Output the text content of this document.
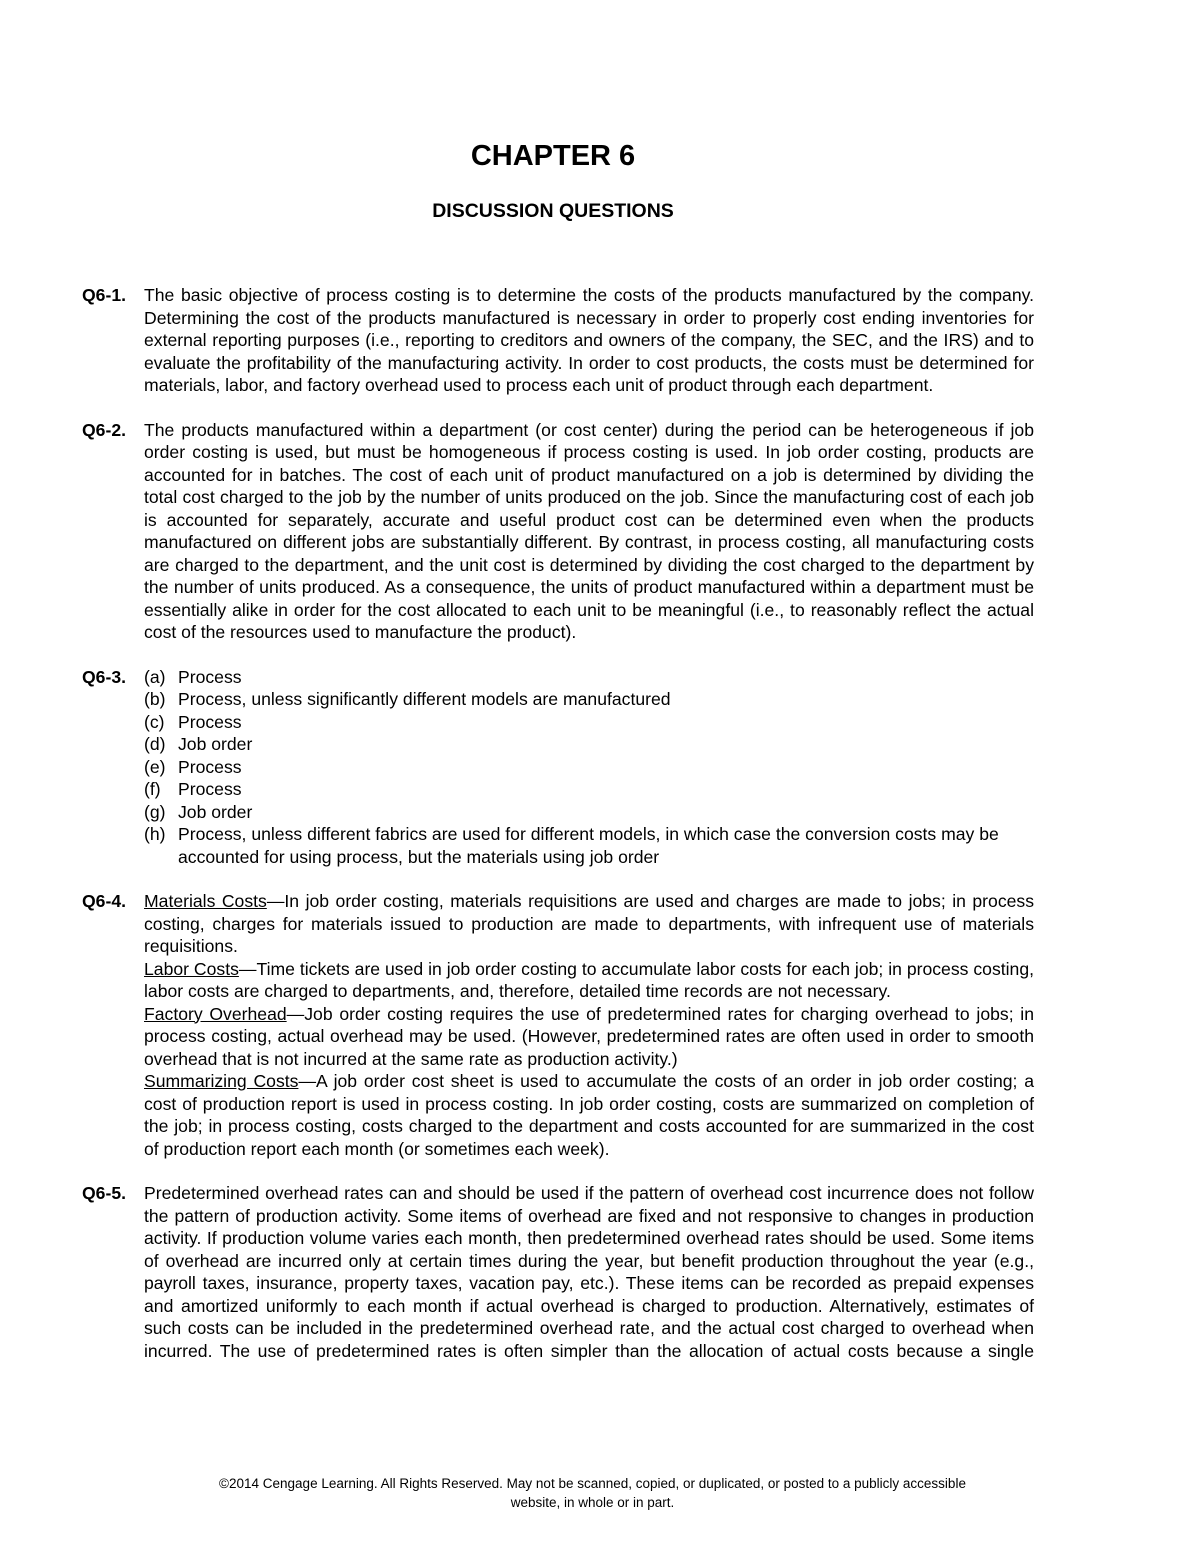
CHAPTER 6
DISCUSSION QUESTIONS
Q6-1. The basic objective of process costing is to determine the costs of the products manufactured by the company. Determining the cost of the products manufactured is necessary in order to properly cost ending inventories for external reporting purposes (i.e., reporting to creditors and owners of the company, the SEC, and the IRS) and to evaluate the profitability of the manufacturing activity. In order to cost products, the costs must be determined for materials, labor, and factory overhead used to process each unit of product through each department.
Q6-2. The products manufactured within a department (or cost center) during the period can be heterogeneous if job order costing is used, but must be homogeneous if process costing is used. In job order costing, products are accounted for in batches. The cost of each unit of product manufactured on a job is determined by dividing the total cost charged to the job by the number of units produced on the job. Since the manufacturing cost of each job is accounted for separately, accurate and useful product cost can be determined even when the products manufactured on different jobs are substantially different. By contrast, in process costing, all manufacturing costs are charged to the department, and the unit cost is determined by dividing the cost charged to the department by the number of units produced. As a consequence, the units of product manufactured within a department must be essentially alike in order for the cost allocated to each unit to be meaningful (i.e., to reasonably reflect the actual cost of the resources used to manufacture the product).
Q6-3. (a) Process
(b) Process, unless significantly different models are manufactured
(c) Process
(d) Job order
(e) Process
(f) Process
(g) Job order
(h) Process, unless different fabrics are used for different models, in which case the conversion costs may be accounted for using process, but the materials using job order
Q6-4. Materials Costs—In job order costing, materials requisitions are used and charges are made to jobs; in process costing, charges for materials issued to production are made to departments, with infrequent use of materials requisitions.
Labor Costs—Time tickets are used in job order costing to accumulate labor costs for each job; in process costing, labor costs are charged to departments, and, therefore, detailed time records are not necessary.
Factory Overhead—Job order costing requires the use of predetermined rates for charging overhead to jobs; in process costing, actual overhead may be used. (However, predetermined rates are often used in order to smooth overhead that is not incurred at the same rate as production activity.)
Summarizing Costs—A job order cost sheet is used to accumulate the costs of an order in job order costing; a cost of production report is used in process costing. In job order costing, costs are summarized on completion of the job; in process costing, costs charged to the department and costs accounted for are summarized in the cost of production report each month (or sometimes each week).
Q6-5. Predetermined overhead rates can and should be used if the pattern of overhead cost incurrence does not follow the pattern of production activity. Some items of overhead are fixed and not responsive to changes in production activity. If production volume varies each month, then predetermined overhead rates should be used. Some items of overhead are incurred only at certain times during the year, but benefit production throughout the year (e.g., payroll taxes, insurance, property taxes, vacation pay, etc.). These items can be recorded as prepaid expenses and amortized uniformly to each month if actual overhead is charged to production. Alternatively, estimates of such costs can be included in the predetermined overhead rate, and the actual cost charged to overhead when incurred. The use of predetermined rates is often simpler than the allocation of actual costs because a single
©2014 Cengage Learning. All Rights Reserved. May not be scanned, copied, or duplicated, or posted to a publicly accessible
website, in whole or in part.
